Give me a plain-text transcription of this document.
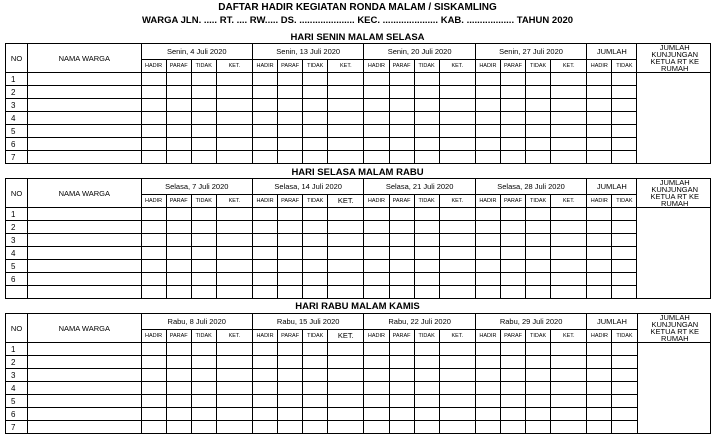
DAFTAR HADIR KEGIATAN RONDA MALAM / SISKAMLING
WARGA JLN. ..... RT. .... RW..... DS. ..................... KEC. ..................... KAB. .................. TAHUN 2020
HARI SENIN MALAM SELASA
NO	NAMA WARGA	Senin, 4 Juli 2020				Senin, 13 Juli 2020				Senin, 20 Juli 2020				Senin, 27 Juli 2020				JUMLAH		JUMLAH KUNJUNGAN KETUA RT KE RUMAH
		HADIR	PARAF	TIDAK	KET.	HADIR	PARAF	TIDAK	KET.	HADIR	PARAF	TIDAK	KET.	HADIR	PARAF	TIDAK	KET.	HADIR	TIDAK	
1																				
2																				
3																				
4																				
5																				
6																				
7																				
HARI SELASA MALAM RABU
NO	NAMA WARGA	Selasa, 7 Juli 2020				Selasa, 14 Juli 2020				Selasa, 21 Juli 2020				Selasa, 28 Juli 2020				JUMLAH		JUMLAH KUNJUNGAN KETUA RT KE RUMAH
		HADIR	PARAF	TIDAK	KET.	HADIR	PARAF	TIDAK	KET.	HADIR	PARAF	TIDAK	KET.	HADIR	PARAF	TIDAK	KET.	HADIR	TIDAK	
1																				
2																				
3																				
4																				
5																				
6																				

HARI RABU MALAM KAMIS
NO	NAMA WARGA	Rabu, 8 Juli 2020				Rabu, 15 Juli 2020				Rabu, 22 Juli 2020				Rabu, 29 Juli 2020				JUMLAH		JUMLAH KUNJUNGAN KETUA RT KE RUMAH
		HADIR	PARAF	TIDAK	KET.	HADIR	PARAF	TIDAK	KET.	HADIR	PARAF	TIDAK	KET.	HADIR	PARAF	TIDAK	KET.	HADIR	TIDAK	
1																				
2																				
3																				
4																				
5																				
6																				
7																				
